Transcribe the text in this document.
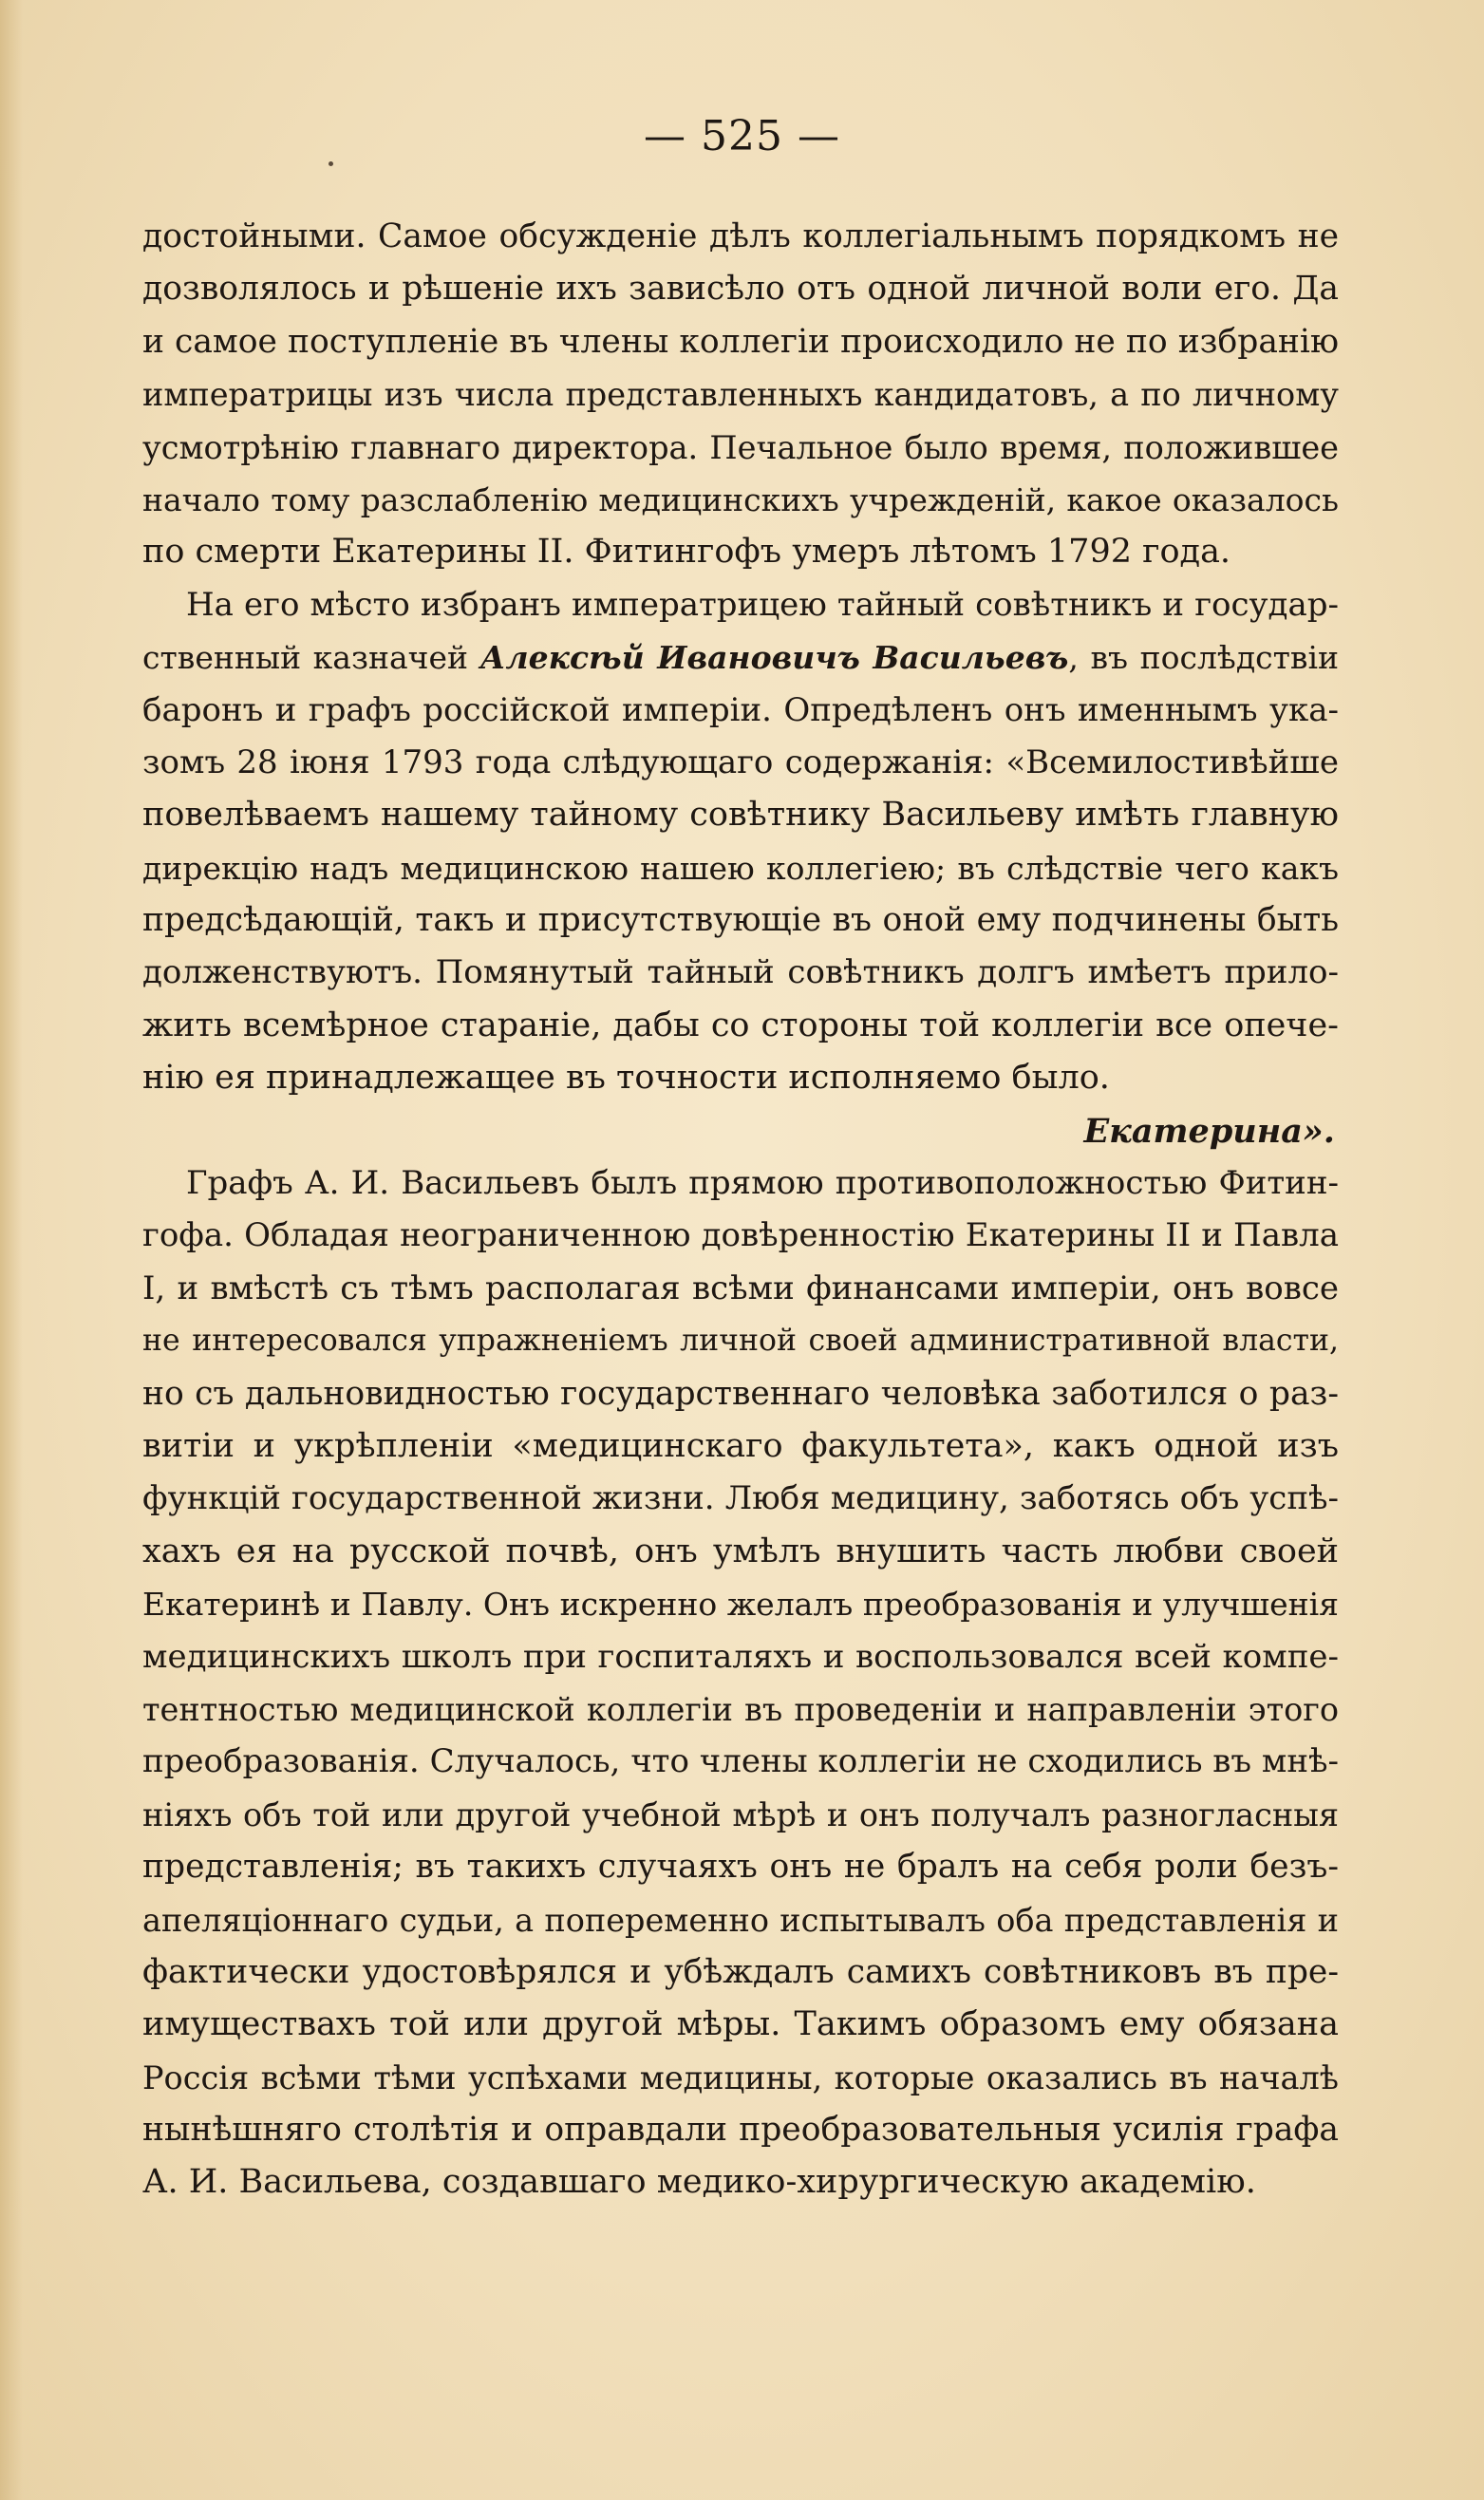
— 525 —
достойными. Самое обсужденіе дѣлъ коллегіальнымъ порядкомъ не
дозволялось и рѣшеніе ихъ зависѣло отъ одной личной воли его. Да
и самое поступленіе въ члены коллегіи происходило не по избранію
императрицы изъ числа представленныхъ кандидатовъ, а по личному
усмотрѣнію главнаго директора. Печальное было время, положившее
начало тому разслабленію медицинскихъ учрежденій, какое оказалось
по смерти Екатерины II. Фитингофъ умеръ лѣтомъ 1792 года.
На его мѣсто избранъ императрицею тайный совѣтникъ и государ-
ственный казначей Алексѣй Ивановичъ Васильевъ, въ послѣдствіи
баронъ и графъ россійской имперіи. Опредѣленъ онъ именнымъ ука-
зомъ 28 іюня 1793 года слѣдующаго содержанія: «Всемилостивѣйше
повелѣваемъ нашему тайному совѣтнику Васильеву имѣть главную
дирекцію надъ медицинскою нашею коллегіею; въ слѣдствіе чего какъ
предсѣдающій, такъ и присутствующіе въ оной ему подчинены быть
долженствуютъ. Помянутый тайный совѣтникъ долгъ имѣетъ прило-
жить всемѣрное стараніе, дабы со стороны той коллегіи все опече-
нію ея принадлежащее въ точности исполняемо было.
Екатерина».
Графъ А. И. Васильевъ былъ прямою противоположностью Фитин-
гофа. Обладая неограниченною довѣренностію Екатерины II и Павла
I, и вмѣстѣ съ тѣмъ располагая всѣми финансами имперіи, онъ вовсе
не интересовался упражненіемъ личной своей административной власти,
но съ дальновидностью государственнаго человѣка заботился о раз-
витіи и укрѣпленіи «медицинскаго факультета», какъ одной изъ
функцій государственной жизни. Любя медицину, заботясь объ успѣ-
хахъ ея на русской почвѣ, онъ умѣлъ внушить часть любви своей
Екатеринѣ и Павлу. Онъ искренно желалъ преобразованія и улучшенія
медицинскихъ школъ при госпиталяхъ и воспользовался всей компе-
тентностью медицинской коллегіи въ проведеніи и направленіи этого
преобразованія. Случалось, что члены коллегіи не сходились въ мнѣ-
ніяхъ объ той или другой учебной мѣрѣ и онъ получалъ разногласныя
представленія; въ такихъ случаяхъ онъ не бралъ на себя роли безъ-
апеляціоннаго судьи, а попеременно испытывалъ оба представленія и
фактически удостовѣрялся и убѣждалъ самихъ совѣтниковъ въ пре-
имуществахъ той или другой мѣры. Такимъ образомъ ему обязана
Россія всѣми тѣми успѣхами медицины, которые оказались въ началѣ
нынѣшняго столѣтія и оправдали преобразовательныя усилія графа
А. И. Васильева, создавшаго медико-хирургическую академію.
